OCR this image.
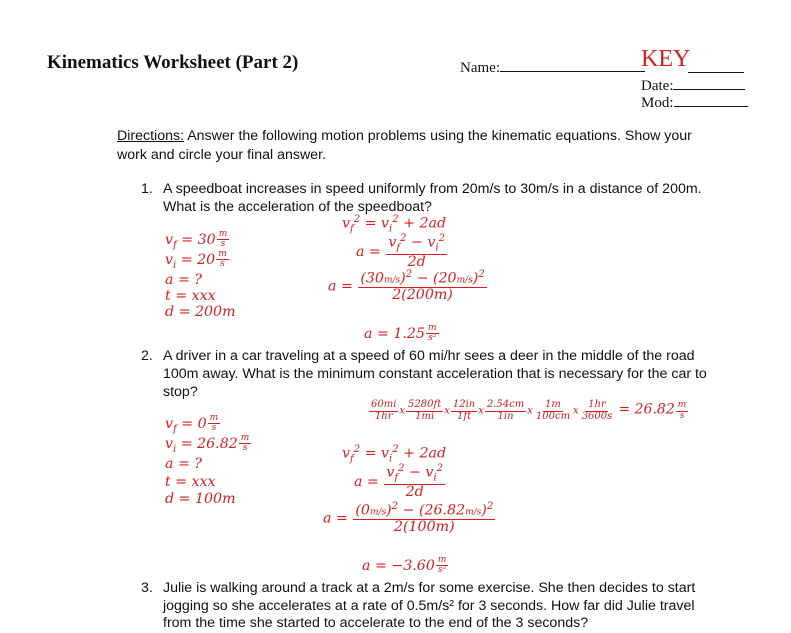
Kinematics Worksheet (Part 2)	Name:	KEY
Date:
Mod:
Directions: Answer the following motion problems using the kinematic equations. Show your
work and circle your final answer.
1. A speedboat increases in speed uniformly from 20m/s to 30m/s in a distance of 200m.
What is the acceleration of the speedboat?
$v_f^2 = v_i^2 + 2ad$
$v_f = 30 \frac{m}{s}$
$a = \frac{v_f^2 - v_i^2}{2d}$
$v_i = 20 \frac{m}{s}$
a = ?
t = xxx
d = 200m
$a = \frac{(30m/s)^2 - (20m/s)^2}{2(200m)}$
$a = 1.25 \frac{m}{\text{s²}}$
2. A driver in a car traveling at a speed of 60 mi/hr sees a deer in the middle of the road
100m away. What is the minimum constant acceleration that is necessary for the car to
stop?
$\frac{60mi}{1hr}$ x $\frac{5280ft}{1mi}$ x $\frac{12in}{1ft}$ x $\frac{2.54cm}{1in}$ x $\frac{1m}{100cm}$ x $\frac{1hr}{3600s} = 26.82 \frac{m}{s}$
$v_f = 0 \frac{m}{s}$
$v_i = 26.82 \frac{m}{s}$
a = ?
t = xxx
d = 100m
$v_f^2 = v_i^2 + 2ad$
$a = \frac{v_f^2 - v_i^2}{2d}$
$a = \frac{(0m/s)^2 - (26.82m/s)^2}{2(100m)}$
$a = -3.60 \frac{m}{\text{s²}}$
3. Julie is walking around a track at a 2m/s for some exercise. She then decides to start
jogging so she accelerates at a rate of 0.5m/s² for 3 seconds. How far did Julie travel
from the time she started to accelerate to the end of the 3 seconds?
